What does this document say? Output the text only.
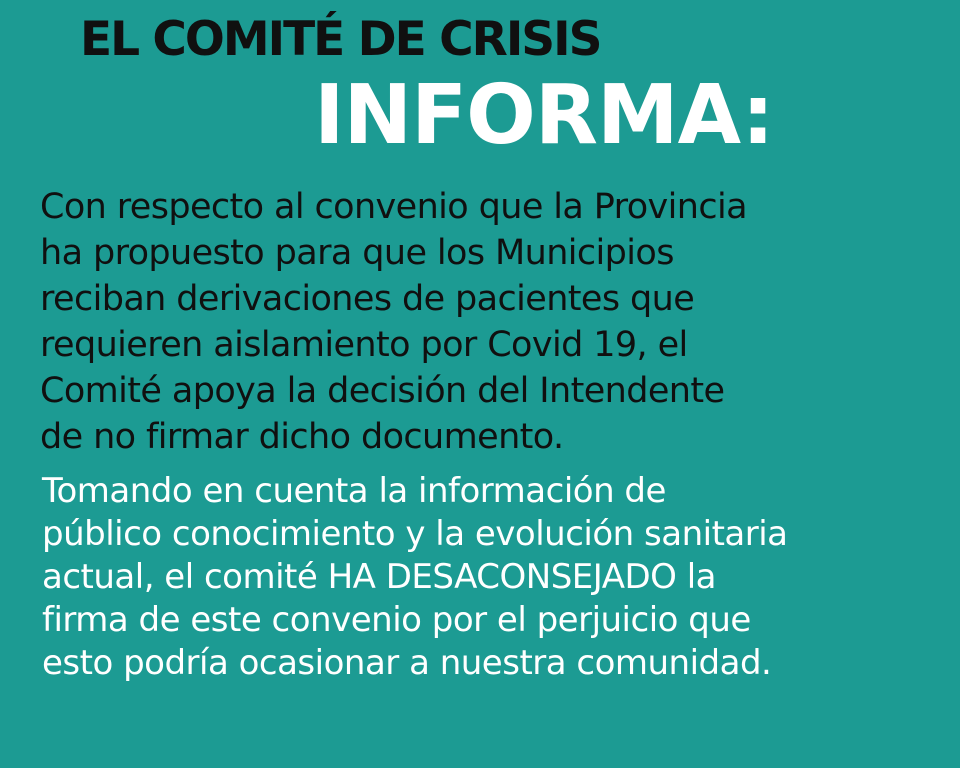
EL COMITÉ DE CRISIS
INFORMA:

Con respecto al convenio que la Provincia
ha propuesto para que los Municipios
reciban derivaciones de pacientes que
requieren aislamiento por Covid 19, el
Comité apoya la decisión del Intendente
de no firmar dicho documento.

Tomando en cuenta la información de
público conocimiento y la evolución sanitaria
actual, el comité HA DESACONSEJADO la
firma de este convenio por el perjuicio que
esto podría ocasionar a nuestra comunidad.
